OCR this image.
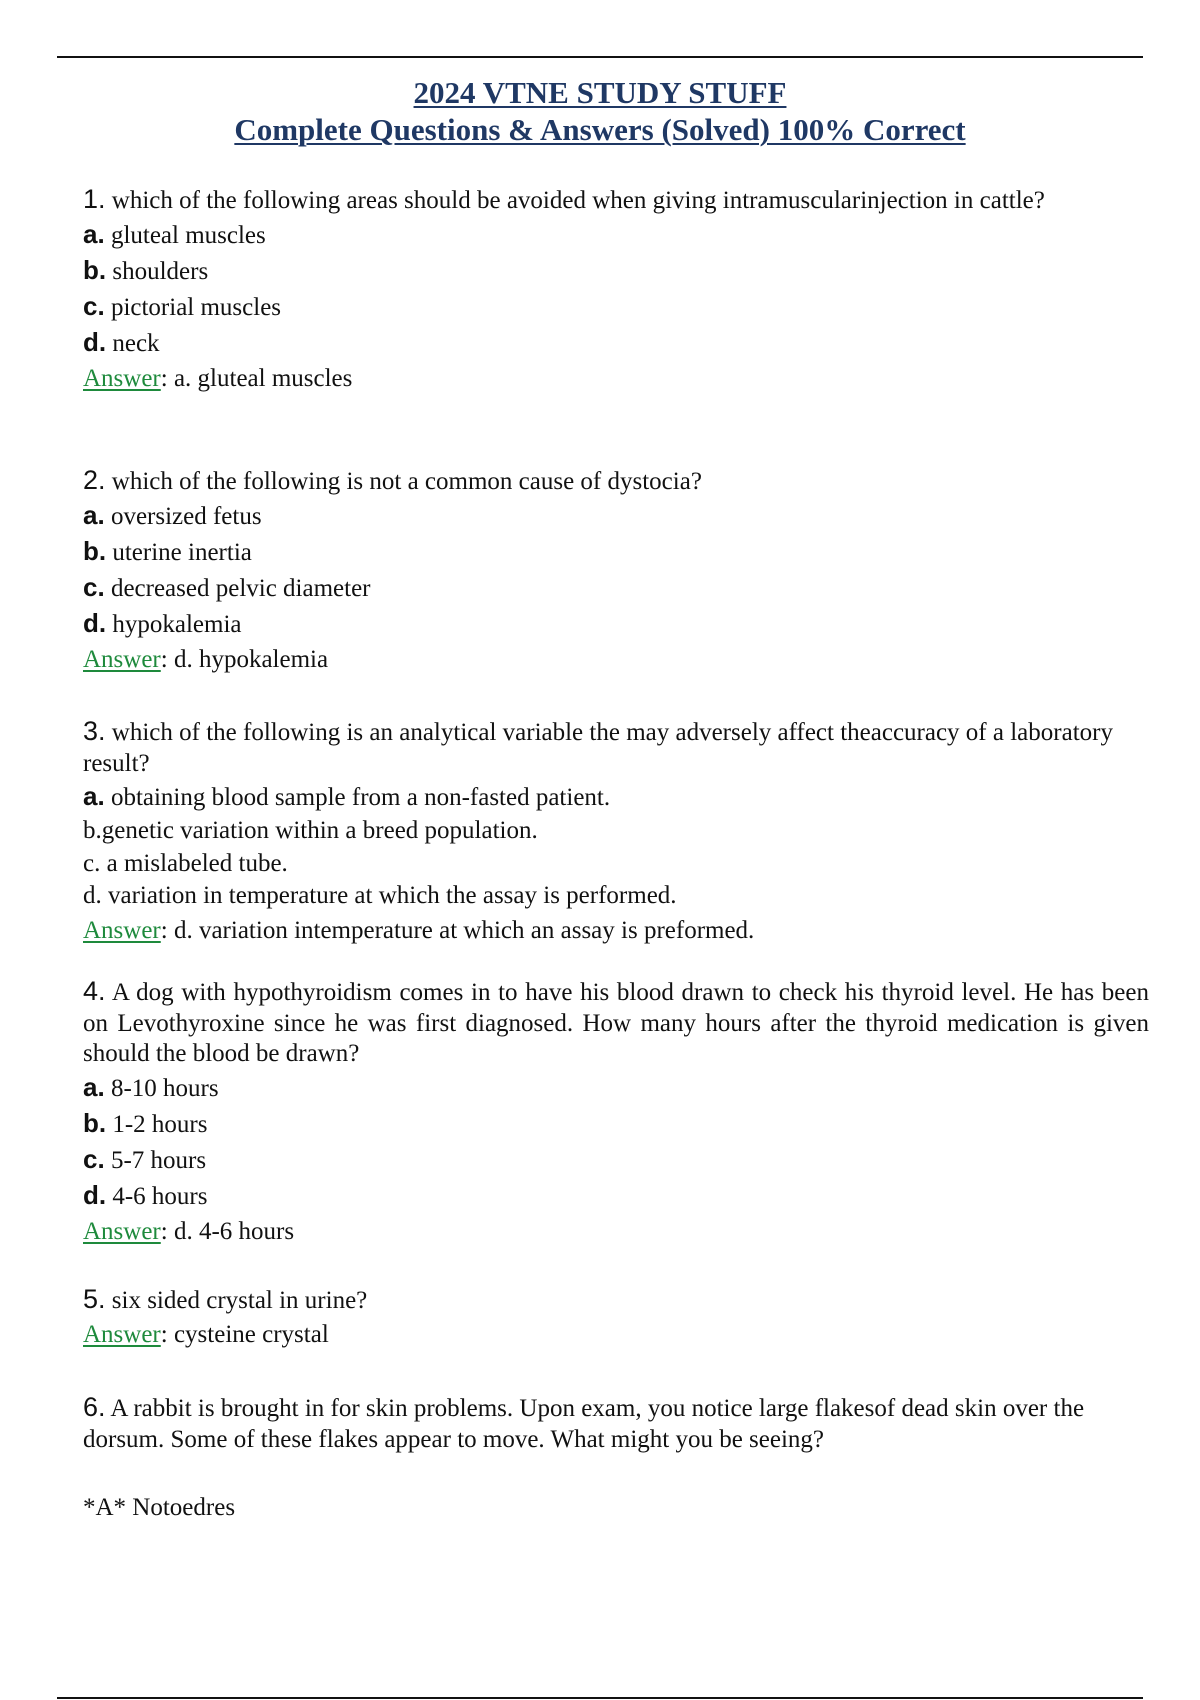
2024 VTNE STUDY STUFF
Complete Questions & Answers (Solved) 100% Correct

1. which of the following areas should be avoided when giving intramuscularinjection in cattle?

a. gluteal muscles

b. shoulders

c. pictorial muscles

d. neck

Answer: a. gluteal muscles

2. which of the following is not a common cause of dystocia?

a. oversized fetus

b. uterine inertia

c. decreased pelvic diameter

d. hypokalemia

Answer: d. hypokalemia

3. which of the following is an analytical variable the may adversely affect theaccuracy of a laboratory result?

a. obtaining blood sample from a non-fasted patient.

b.genetic variation within a breed population.

c. a mislabeled tube.

d. variation in temperature at which the assay is performed.

Answer: d. variation intemperature at which an assay is preformed.

4. A dog with hypothyroidism comes in to have his blood drawn to check his thyroid level. He has been on Levothyroxine since he was first diagnosed. How many hours after the thyroid medication is given should the blood be drawn?

a. 8-10 hours

b. 1-2 hours

c. 5-7 hours

d. 4-6 hours

Answer: d. 4-6 hours

5. six sided crystal in urine?

Answer: cysteine crystal

6. A rabbit is brought in for skin problems. Upon exam, you notice large flakesof dead skin over the dorsum. Some of these flakes appear to move. What might you be seeing?

*A* Notoedres
